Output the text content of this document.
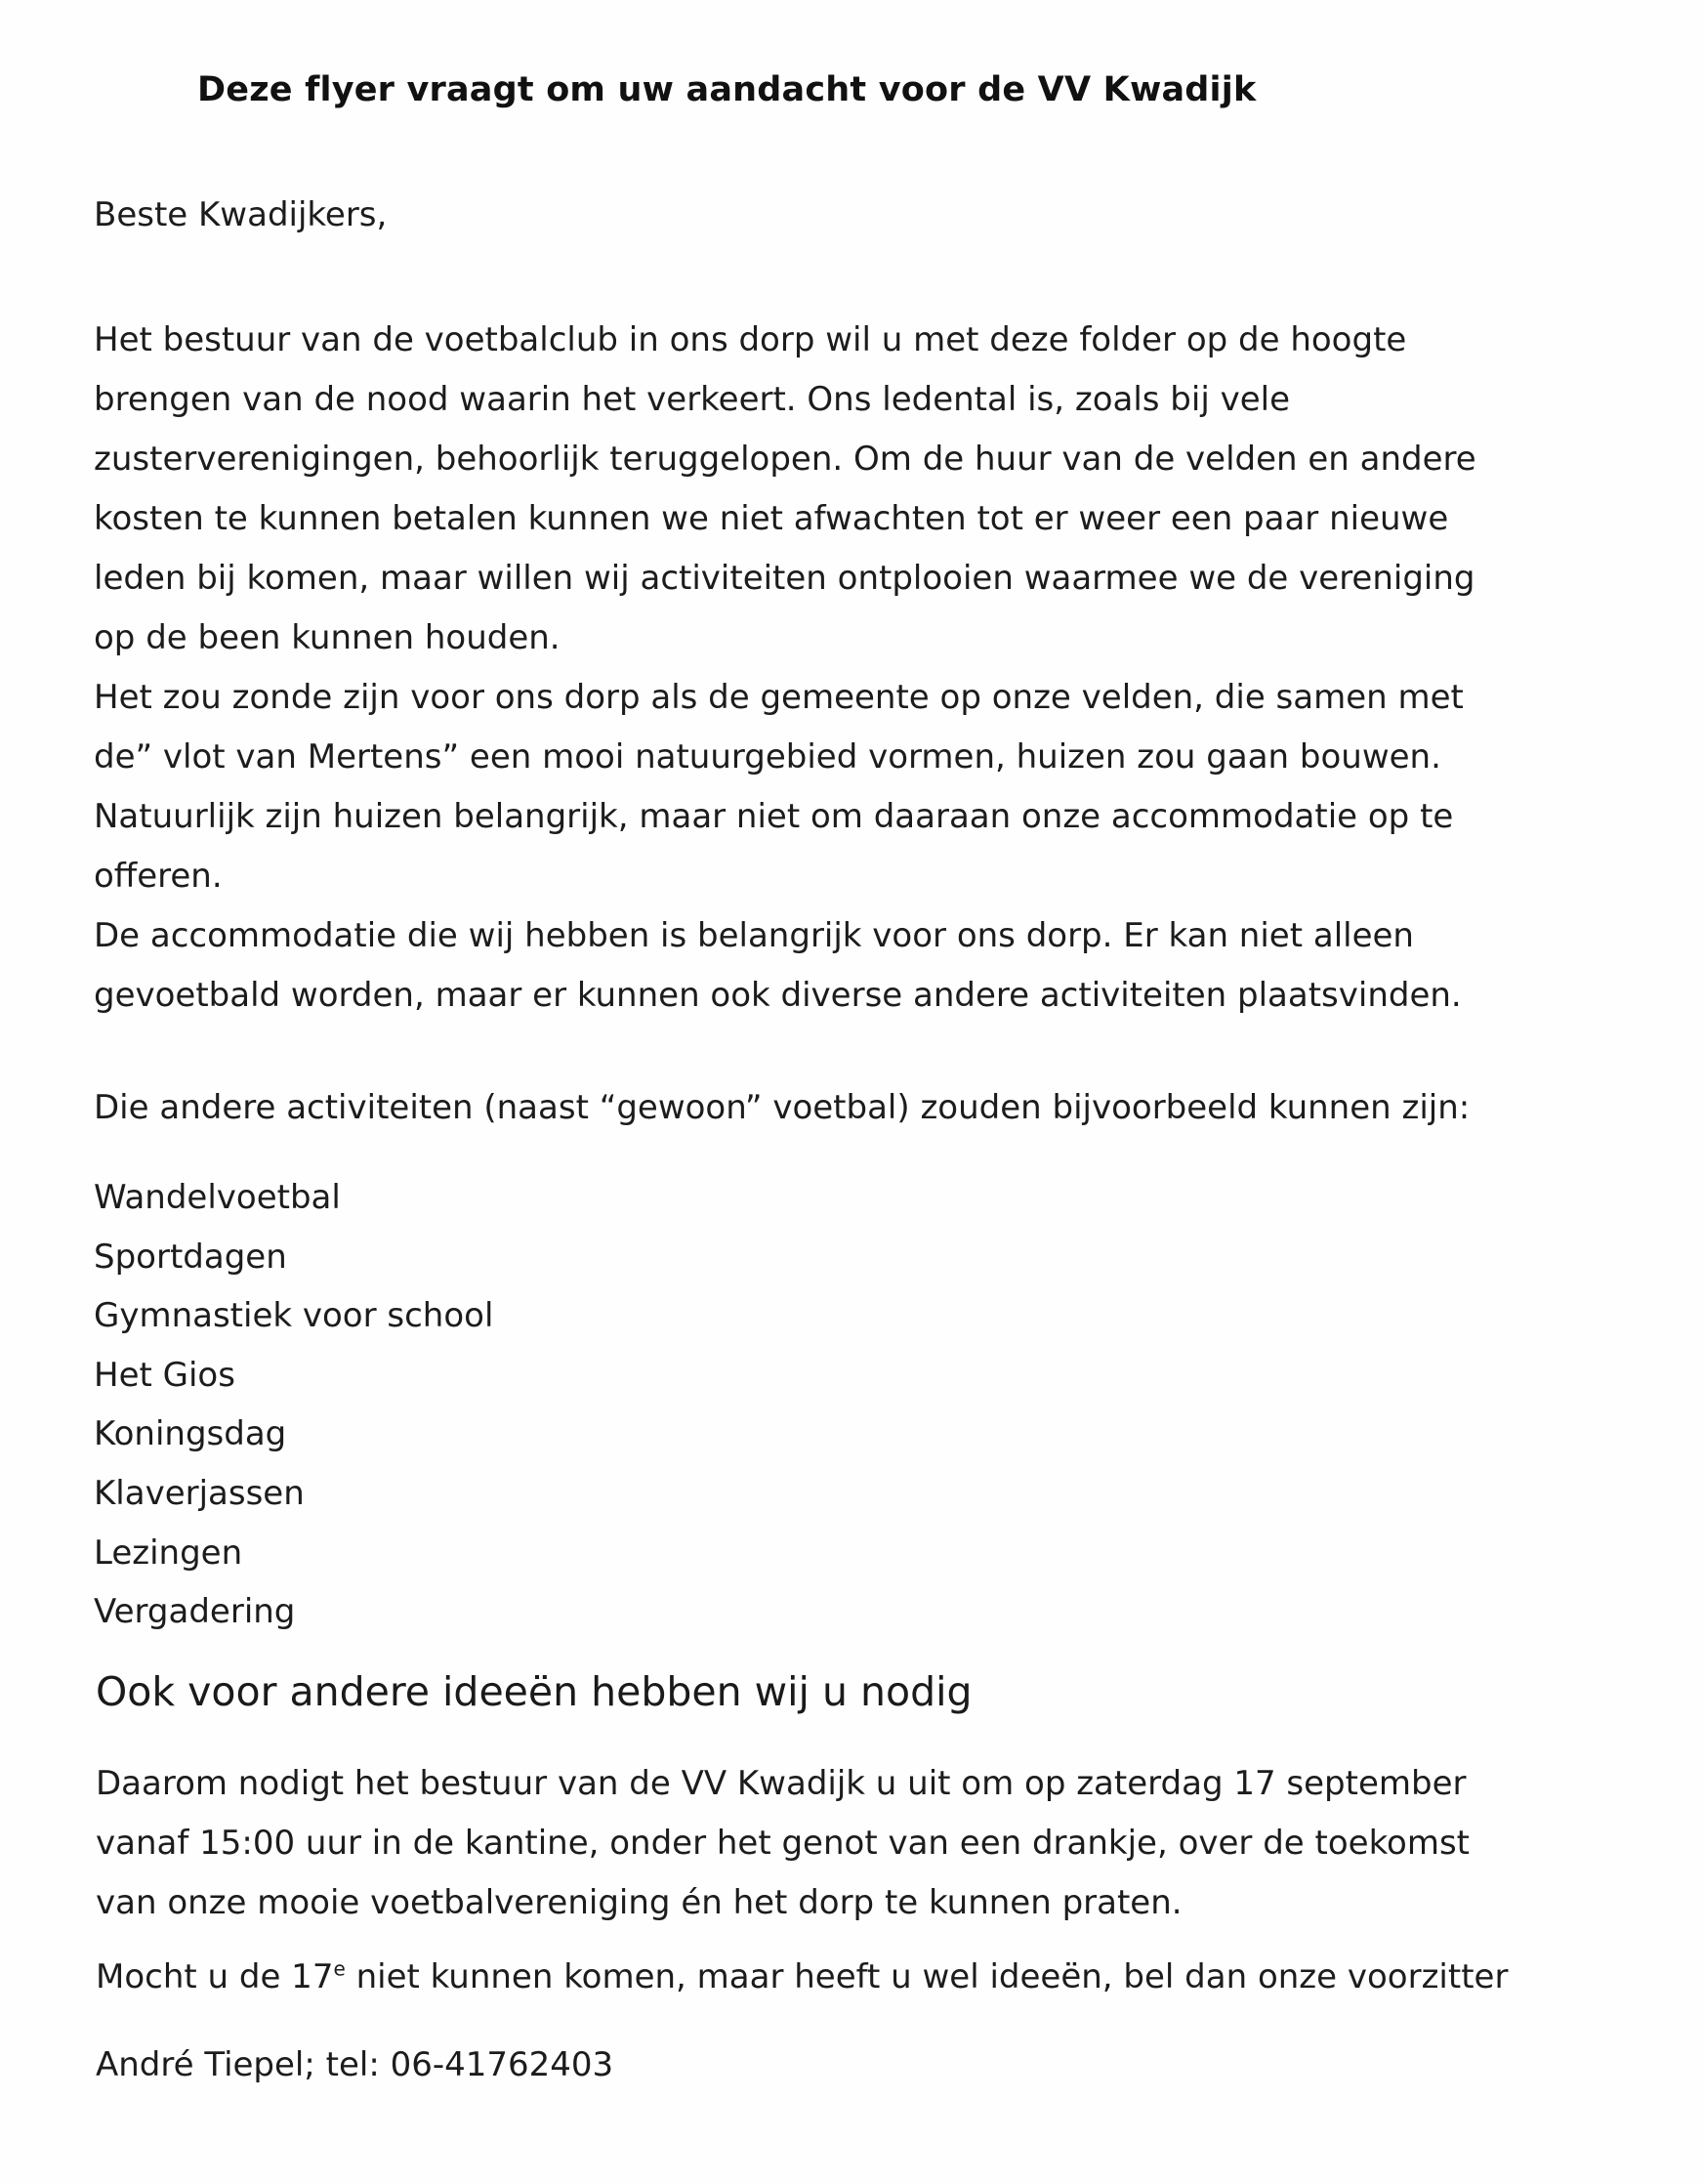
Deze flyer vraagt om uw aandacht voor de VV Kwadijk

Beste Kwadijkers,

Het bestuur van de voetbalclub in ons dorp wil u met deze folder op de hoogte
brengen van de nood waarin het verkeert. Ons ledental is, zoals bij vele
zusterverenigingen, behoorlijk teruggelopen. Om de huur van de velden en andere
kosten te kunnen betalen kunnen we niet afwachten tot er weer een paar nieuwe
leden bij komen, maar willen wij activiteiten ontplooien waarmee we de vereniging
op de been kunnen houden.
Het zou zonde zijn voor ons dorp als de gemeente op onze velden, die samen met
de” vlot van Mertens” een mooi natuurgebied vormen, huizen zou gaan bouwen.
Natuurlijk zijn huizen belangrijk, maar niet om daaraan onze accommodatie op te
offeren.
De accommodatie die wij hebben is belangrijk voor ons dorp. Er kan niet alleen
gevoetbald worden, maar er kunnen ook diverse andere activiteiten plaatsvinden.

Die andere activiteiten (naast “gewoon” voetbal) zouden bijvoorbeeld kunnen zijn:

Wandelvoetbal
Sportdagen
Gymnastiek voor school
Het Gios
Koningsdag
Klaverjassen
Lezingen
Vergadering
Ook voor andere ideeën hebben wij u nodig

Daarom nodigt het bestuur van de VV Kwadijk u uit om op zaterdag 17 september
vanaf 15:00 uur in de kantine, onder het genot van een drankje, over de toekomst
van onze mooie voetbalvereniging én het dorp te kunnen praten.

Mocht u de 17e niet kunnen komen, maar heeft u wel ideeën, bel dan onze voorzitter

André Tiepel; tel: 06-41762403
